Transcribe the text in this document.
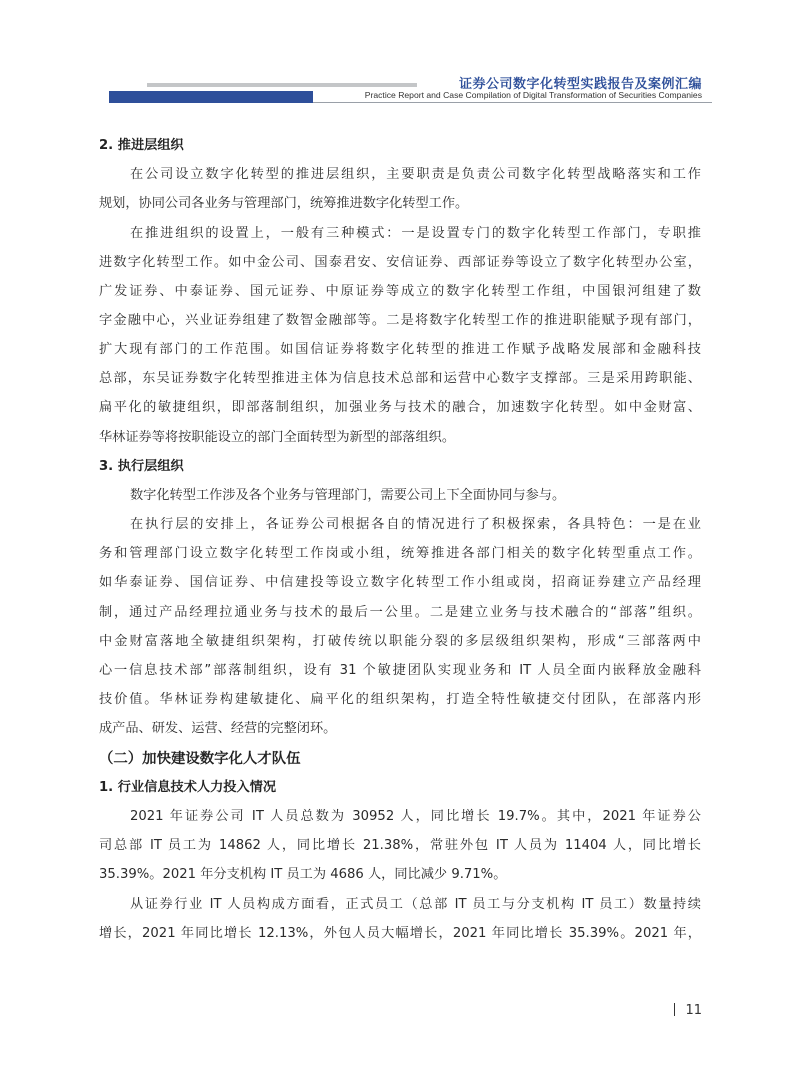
证券公司数字化转型实践报告及案例汇编
Practice Report and Case Compilation of Digital Transformation of Securities Companies
2. 推进层组织
在公司设立数字化转型的推进层组织，主要职责是负责公司数字化转型战略落实和工作
规划，协同公司各业务与管理部门，统筹推进数字化转型工作。
在推进组织的设置上，一般有三种模式：一是设置专门的数字化转型工作部门，专职推
进数字化转型工作。如中金公司、国泰君安、安信证券、西部证券等设立了数字化转型办公室，
广发证券、中泰证券、国元证券、中原证券等成立的数字化转型工作组，中国银河组建了数
字金融中心，兴业证券组建了数智金融部等。二是将数字化转型工作的推进职能赋予现有部门，
扩大现有部门的工作范围。如国信证券将数字化转型的推进工作赋予战略发展部和金融科技
总部，东吴证券数字化转型推进主体为信息技术总部和运营中心数字支撑部。三是采用跨职能、
扁平化的敏捷组织，即部落制组织，加强业务与技术的融合，加速数字化转型。如中金财富、
华林证券等将按职能设立的部门全面转型为新型的部落组织。
3. 执行层组织
数字化转型工作涉及各个业务与管理部门，需要公司上下全面协同与参与。
在执行层的安排上，各证券公司根据各自的情况进行了积极探索，各具特色：一是在业
务和管理部门设立数字化转型工作岗或小组，统筹推进各部门相关的数字化转型重点工作。
如华泰证券、国信证券、中信建投等设立数字化转型工作小组或岗，招商证券建立产品经理
制，通过产品经理拉通业务与技术的最后一公里。二是建立业务与技术融合的“部落”组织。
中金财富落地全敏捷组织架构，打破传统以职能分裂的多层级组织架构，形成“三部落两中
心一信息技术部”部落制组织，设有 31 个敏捷团队实现业务和 IT 人员全面内嵌释放金融科
技价值。华林证券构建敏捷化、扁平化的组织架构，打造全特性敏捷交付团队，在部落内形
成产品、研发、运营、经营的完整闭环。
（二）加快建设数字化人才队伍
1. 行业信息技术人力投入情况
2021 年证券公司 IT 人员总数为 30952 人，同比增长 19.7%。其中，2021 年证券公
司总部 IT 员工为 14862 人，同比增长 21.38%，常驻外包 IT 人员为 11404 人，同比增长
35.39%。2021 年分支机构 IT 员工为 4686 人，同比减少 9.71%。
从证券行业 IT 人员构成方面看，正式员工（总部 IT 员工与分支机构 IT 员工）数量持续
增长，2021 年同比增长 12.13%，外包人员大幅增长，2021 年同比增长 35.39%。2021 年，
11
